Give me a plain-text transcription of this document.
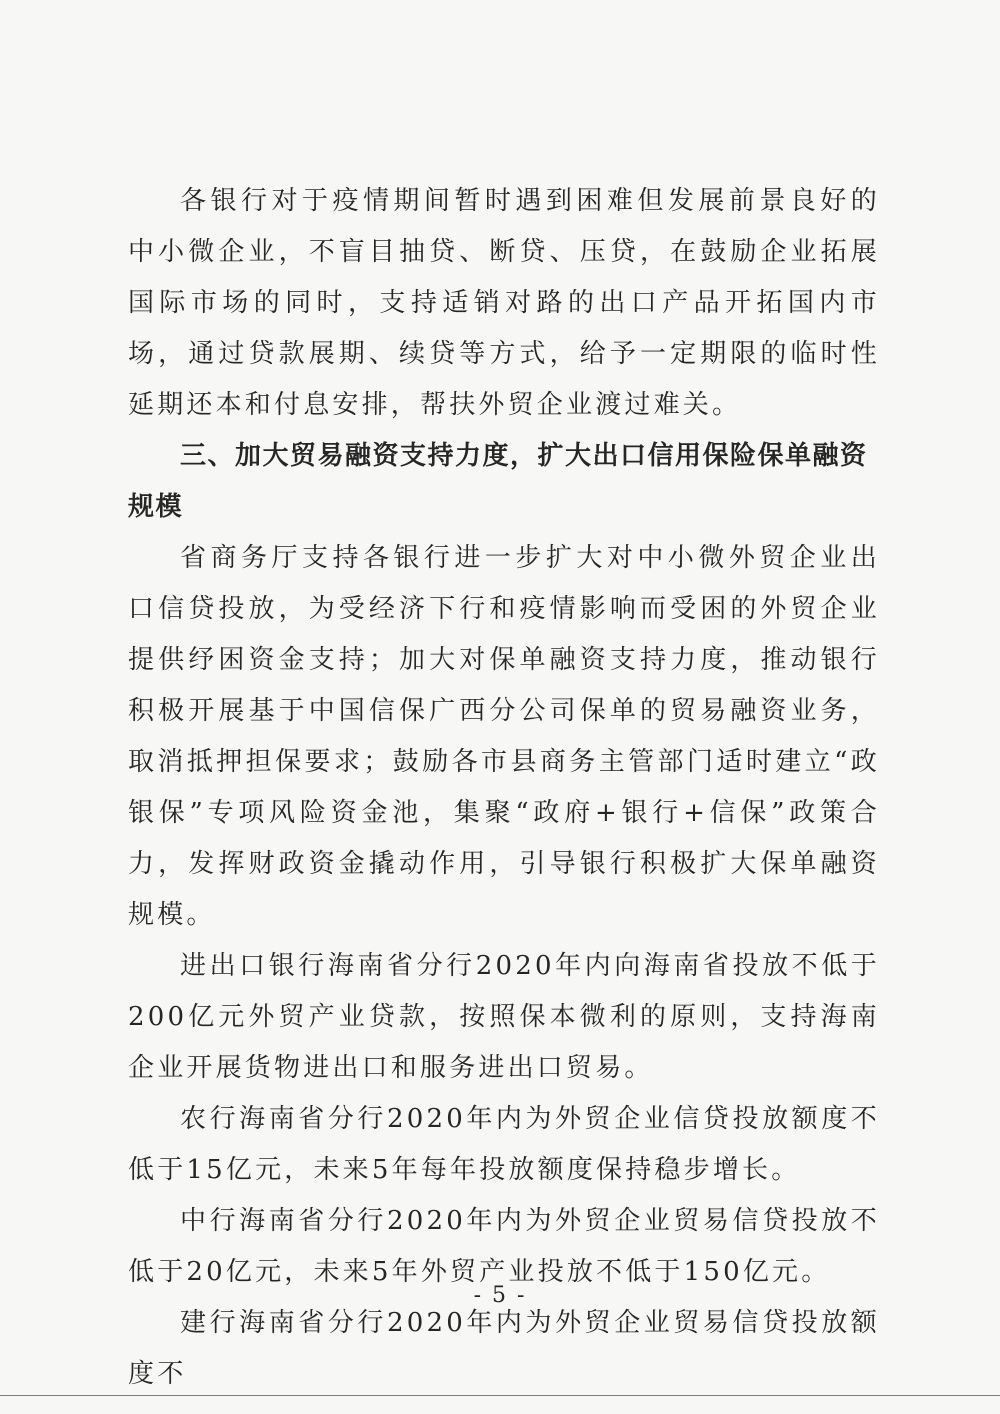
各银行对于疫情期间暂时遇到困难但发展前景良好的中小微企业，不盲目抽贷、断贷、压贷，在鼓励企业拓展国际市场的同时，支持适销对路的出口产品开拓国内市场，通过贷款展期、续贷等方式，给予一定期限的临时性延期还本和付息安排，帮扶外贸企业渡过难关。

三、加大贸易融资支持力度，扩大出口信用保险保单融资规模

省商务厅支持各银行进一步扩大对中小微外贸企业出口信贷投放，为受经济下行和疫情影响而受困的外贸企业提供纾困资金支持；加大对保单融资支持力度，推动银行积极开展基于中国信保广西分公司保单的贸易融资业务，取消抵押担保要求；鼓励各市县商务主管部门适时建立“政银保”专项风险资金池，集聚“政府+银行+信保”政策合力，发挥财政资金撬动作用，引导银行积极扩大保单融资规模。

进出口银行海南省分行2020年内向海南省投放不低于200亿元外贸产业贷款，按照保本微利的原则，支持海南企业开展货物进出口和服务进出口贸易。

农行海南省分行2020年内为外贸企业信贷投放额度不低于15亿元，未来5年每年投放额度保持稳步增长。

中行海南省分行2020年内为外贸企业贸易信贷投放不低于20亿元，未来5年外贸产业投放不低于150亿元。

建行海南省分行2020年内为外贸企业贸易信贷投放额度不

- 5 -
